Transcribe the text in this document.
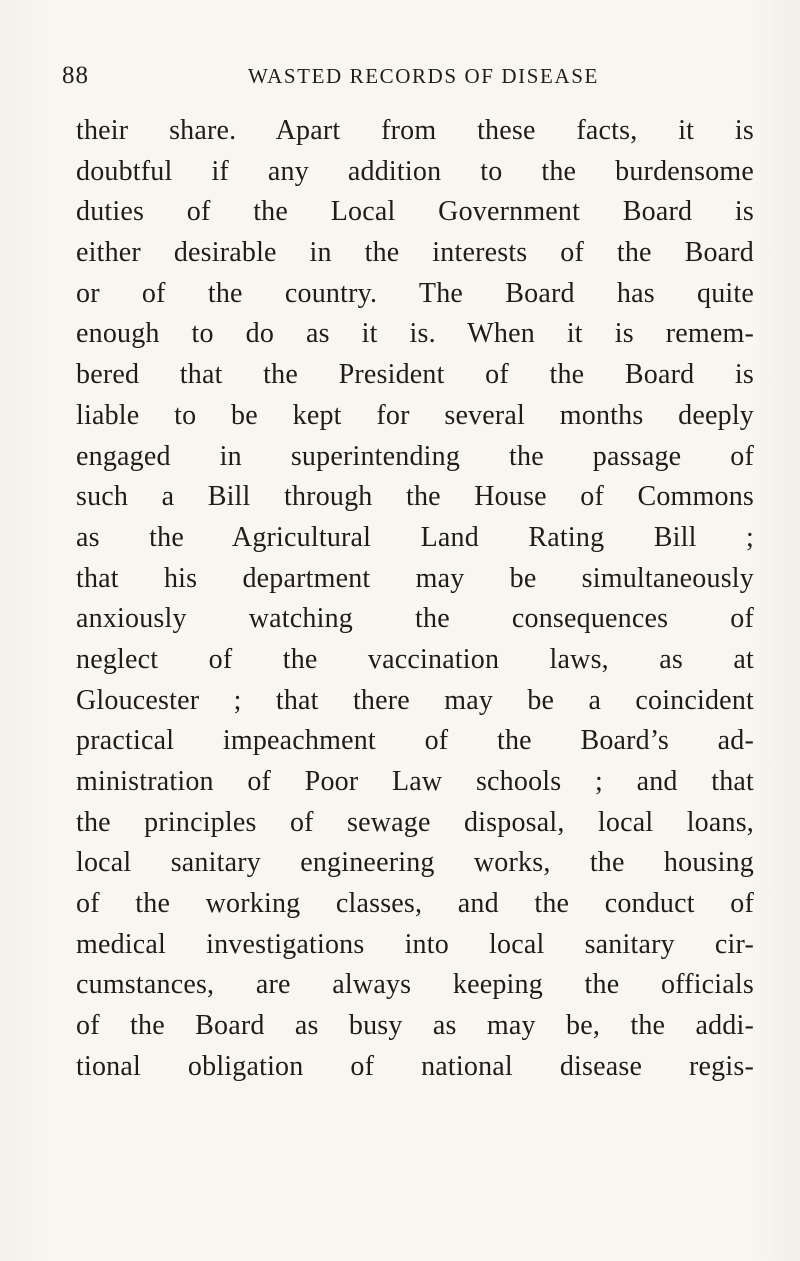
88	WASTED RECORDS OF DISEASE
their share. Apart from these facts, it is
doubtful if any addition to the burdensome
duties of the Local Government Board is
either desirable in the interests of the Board
or of the country. The Board has quite
enough to do as it is. When it is remem-
bered that the President of the Board is
liable to be kept for several months deeply
engaged in superintending the passage of
such a Bill through the House of Commons
as the Agricultural Land Rating Bill ;
that his department may be simultaneously
anxiously watching the consequences of
neglect of the vaccination laws, as at
Gloucester ; that there may be a coincident
practical impeachment of the Board’s ad-
ministration of Poor Law schools ; and that
the principles of sewage disposal, local loans,
local sanitary engineering works, the housing
of the working classes, and the conduct of
medical investigations into local sanitary cir-
cumstances, are always keeping the officials
of the Board as busy as may be, the addi-
tional obligation of national disease regis-
